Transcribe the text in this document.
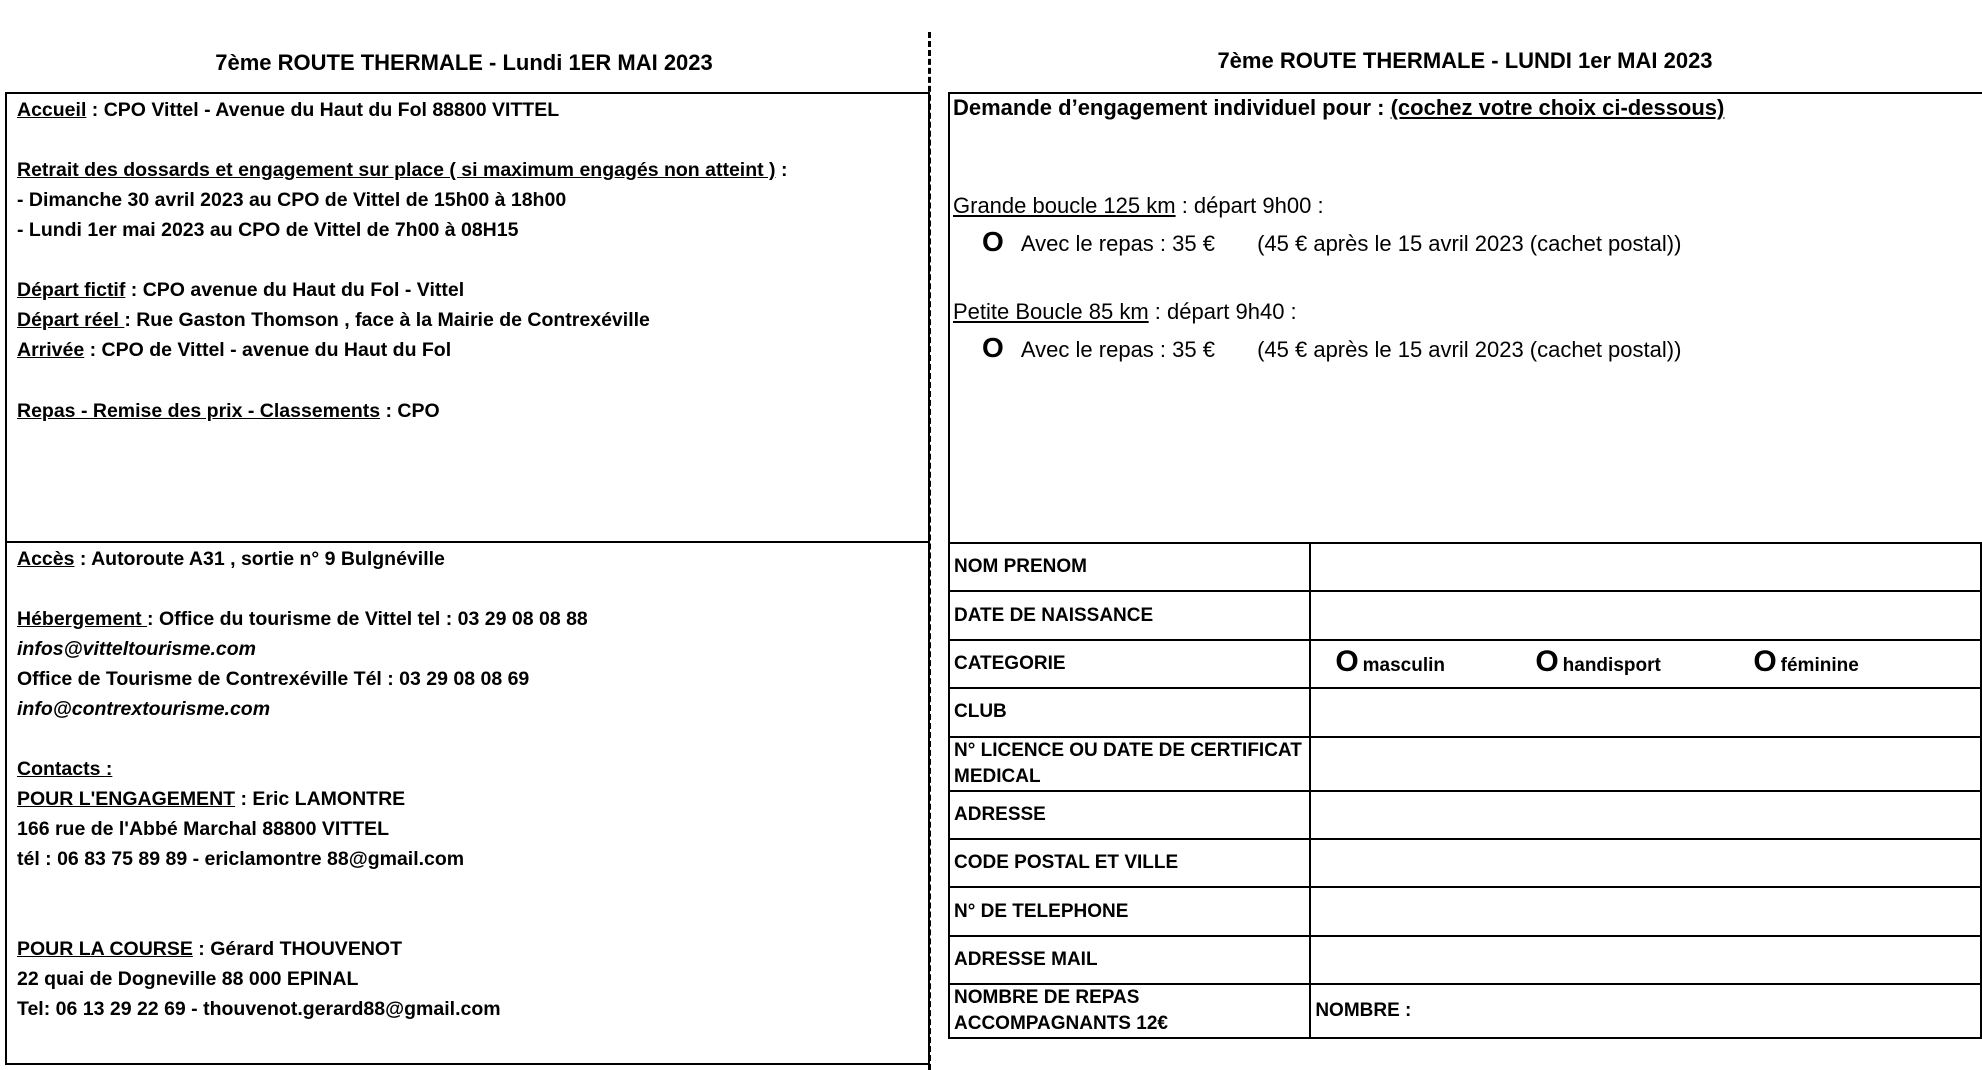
7ème ROUTE THERMALE - Lundi 1ER MAI 2023	7ème ROUTE THERMALE - LUNDI 1er MAI 2023
Accueil : CPO Vittel - Avenue du Haut du Fol 88800 VITTEL
Retrait des dossards et engagement sur place ( si maximum engagés non atteint ) :
- Dimanche 30 avril 2023 au CPO de Vittel de 15h00 à 18h00
- Lundi 1er mai 2023 au CPO de Vittel de 7h00 à 08H15
Départ fictif : CPO avenue du Haut du Fol - Vittel
Départ réel : Rue Gaston Thomson , face à la Mairie de Contrexéville
Arrivée : CPO de Vittel - avenue du Haut du Fol
Repas - Remise des prix - Classements : CPO
Accès : Autoroute A31 , sortie n° 9 Bulgnéville
Hébergement : Office du tourisme de Vittel tel : 03 29 08 08 88
infos@vitteltourisme.com
Office de Tourisme de Contrexéville Tél : 03 29 08 08 69
info@contrextourisme.com
Contacts :
POUR L'ENGAGEMENT : Eric LAMONTRE
166 rue de l'Abbé Marchal 88800 VITTEL
tél : 06 83 75 89 89 - ericlamontre 88@gmail.com
POUR LA COURSE : Gérard THOUVENOT
22 quai de Dogneville 88 000 EPINAL
Tel: 06 13 29 22 69 - thouvenot.gerard88@gmail.com
Demande d’engagement individuel pour : (cochez votre choix ci-dessous)
Grande boucle 125 km : départ 9h00 :
O Avec le repas : 35 € (45 € après le 15 avril 2023 (cachet postal))
Petite Boucle 85 km : départ 9h40 :
O Avec le repas : 35 € (45 € après le 15 avril 2023 (cachet postal))
NOM PRENOM	
DATE DE NAISSANCE	
CATEGORIE	O masculin O handisport O féminine
CLUB	
N° LICENCE OU DATE DE CERTIFICAT MEDICAL	
ADRESSE	
CODE POSTAL ET VILLE	
N° DE TELEPHONE	
ADRESSE MAIL	
NOMBRE DE REPAS ACCOMPAGNANTS 12€	NOMBRE :
